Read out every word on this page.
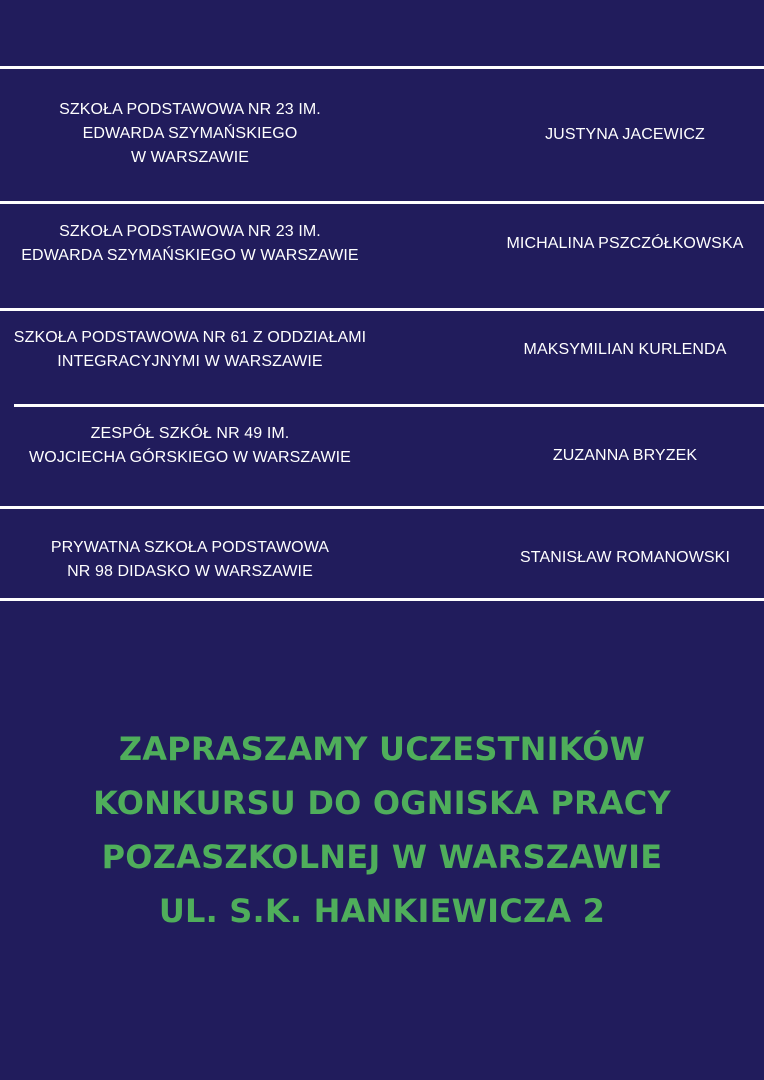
SZKOŁA PODSTAWOWA NR 23 IM.
EDWARDA SZYMAŃSKIEGO
W WARSZAWIE
JUSTYNA JACEWICZ
SZKOŁA PODSTAWOWA NR 23 IM.
EDWARDA SZYMAŃSKIEGO W WARSZAWIE
MICHALINA PSZCZÓŁKOWSKA
SZKOŁA PODSTAWOWA NR 61 Z ODDZIAŁAMI
INTEGRACYJNYMI W WARSZAWIE
MAKSYMILIAN KURLENDA
ZESPÓŁ SZKÓŁ NR 49 IM.
WOJCIECHA GÓRSKIEGO W WARSZAWIE	ZUZANNA BRYZEK
PRYWATNA SZKOŁA PODSTAWOWA
NR 98 DIDASKO W WARSZAWIE
STANISŁAW ROMANOWSKI
ZAPRASZAMY UCZESTNIKÓW
KONKURSU DO OGNISKA PRACY
POZASZKOLNEJ W WARSZAWIE
UL. S.K. HANKIEWICZA 2
